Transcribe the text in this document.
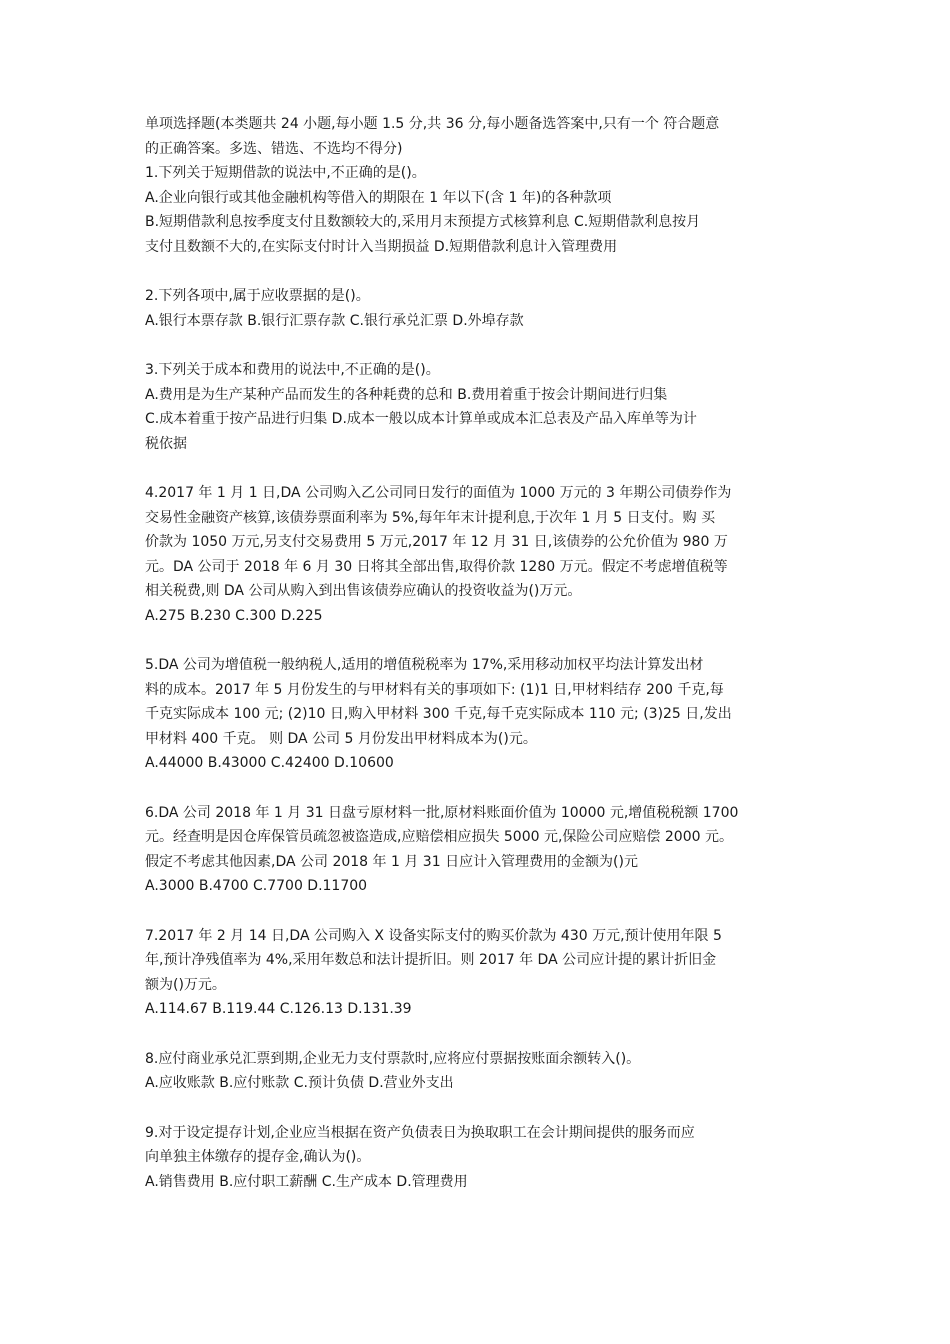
单项选择题(本类题共 24 小题,每小题 1.5 分,共 36 分,每小题备选答案中,只有一个 符合题意
的正确答案。多选、错选、不选均不得分)
1.下列关于短期借款的说法中,不正确的是()。
A.企业向银行或其他金融机构等借入的期限在 1 年以下(含 1 年)的各种款项
B.短期借款利息按季度支付且数额较大的,采用月末预提方式核算利息 C.短期借款利息按月
支付且数额不大的,在实际支付时计入当期损益 D.短期借款利息计入管理费用
2.下列各项中,属于应收票据的是()。
A.银行本票存款 B.银行汇票存款 C.银行承兑汇票 D.外埠存款
3.下列关于成本和费用的说法中,不正确的是()。
A.费用是为生产某种产品而发生的各种耗费的总和 B.费用着重于按会计期间进行归集
C.成本着重于按产品进行归集 D.成本一般以成本计算单或成本汇总表及产品入库单等为计
税依据
4.2017 年 1 月 1 日,DA 公司购入乙公司同日发行的面值为 1000 万元的 3 年期公司债券作为
交易性金融资产核算,该债券票面利率为 5%,每年年末计提利息,于次年 1 月 5 日支付。购 买
价款为 1050 万元,另支付交易费用 5 万元,2017 年 12 月 31 日,该债券的公允价值为 980 万
元。DA 公司于 2018 年 6 月 30 日将其全部出售,取得价款 1280 万元。假定不考虑增值税等
相关税费,则 DA 公司从购入到出售该债券应确认的投资收益为()万元。
A.275 B.230 C.300 D.225
5.DA 公司为增值税一般纳税人,适用的增值税税率为 17%,采用移动加权平均法计算发出材
料的成本。2017 年 5 月份发生的与甲材料有关的事项如下: (1)1 日,甲材料结存 200 千克,每
千克实际成本 100 元; (2)10 日,购入甲材料 300 千克,每千克实际成本 110 元; (3)25 日,发出
甲材料 400 千克。 则 DA 公司 5 月份发出甲材料成本为()元。
A.44000 B.43000 C.42400 D.10600
6.DA 公司 2018 年 1 月 31 日盘亏原材料一批,原材料账面价值为 10000 元,增值税税额 1700
元。经查明是因仓库保管员疏忽被盗造成,应赔偿相应损失 5000 元,保险公司应赔偿 2000 元。
假定不考虑其他因素,DA 公司 2018 年 1 月 31 日应计入管理费用的金额为()元
A.3000 B.4700 C.7700 D.11700
7.2017 年 2 月 14 日,DA 公司购入 X 设备实际支付的购买价款为 430 万元,预计使用年限 5
年,预计净残值率为 4%,采用年数总和法计提折旧。则 2017 年 DA 公司应计提的累计折旧金
额为()万元。
A.114.67 B.119.44 C.126.13 D.131.39
8.应付商业承兑汇票到期,企业无力支付票款时,应将应付票据按账面余额转入()。
A.应收账款 B.应付账款 C.预计负债 D.营业外支出
9.对于设定提存计划,企业应当根据在资产负债表日为换取职工在会计期间提供的服务而应
向单独主体缴存的提存金,确认为()。
A.销售费用 B.应付职工薪酬 C.生产成本 D.管理费用
